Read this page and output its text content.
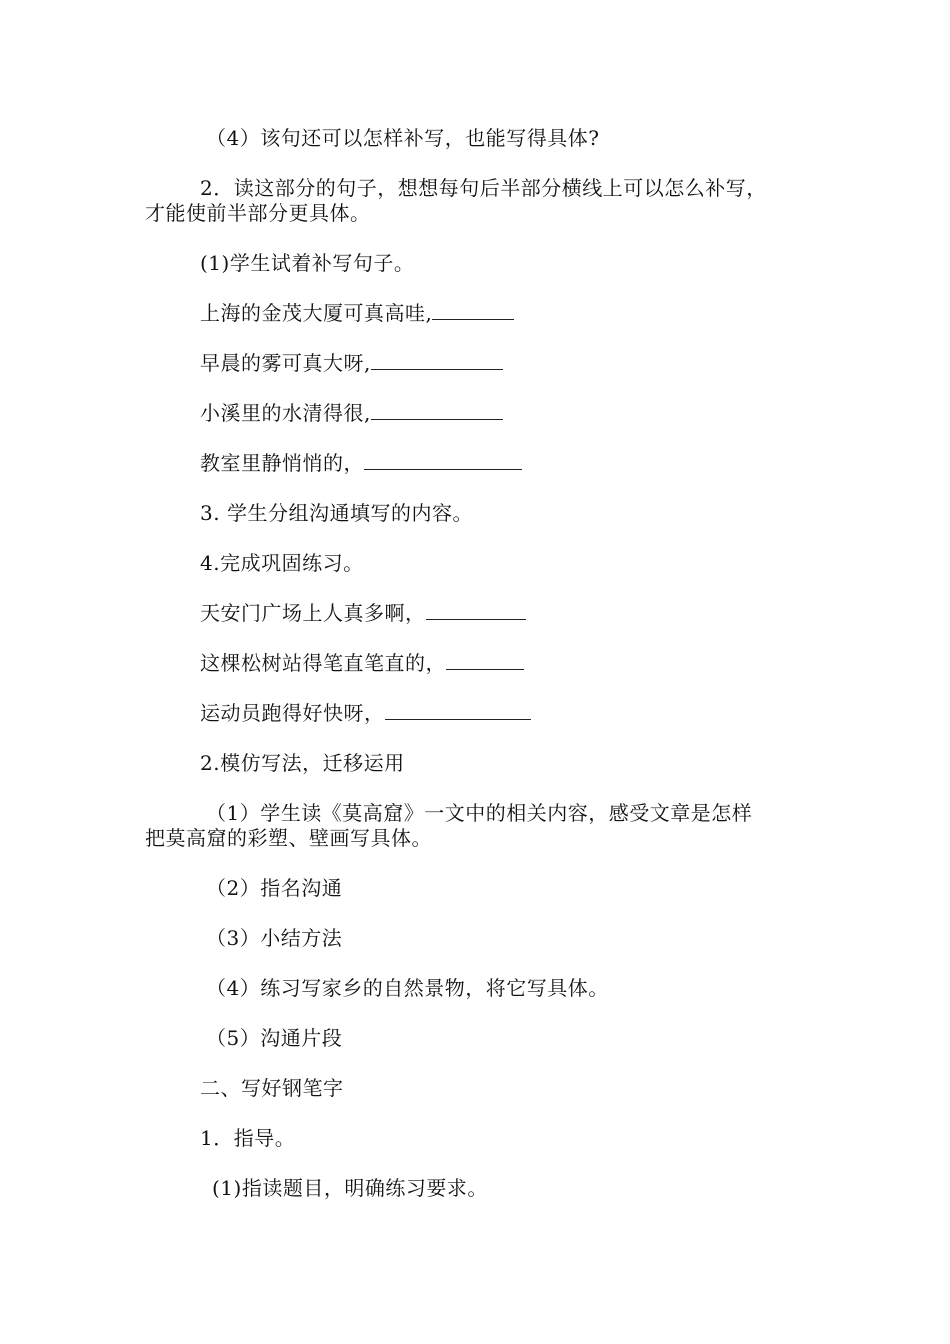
（4）该句还可以怎样补写，也能写得具体?
2．读这部分的句子，想想每句后半部分横线上可以怎么补写，
才能使前半部分更具体。
(1)学生试着补写句子。
上海的金茂大厦可真高哇,
早晨的雾可真大呀,
小溪里的水清得很,
教室里静悄悄的，
3. 学生分组沟通填写的内容。
4.完成巩固练习。
天安门广场上人真多啊，
这棵松树站得笔直笔直的，
运动员跑得好快呀，
2.模仿写法，迁移运用
（1）学生读《莫高窟》一文中的相关内容，感受文章是怎样
把莫高窟的彩塑、壁画写具体。
（2）指名沟通
（3）小结方法
（4）练习写家乡的自然景物，将它写具体。
（5）沟通片段
二、写好钢笔字
1．指导。
(1)指读题目，明确练习要求。
